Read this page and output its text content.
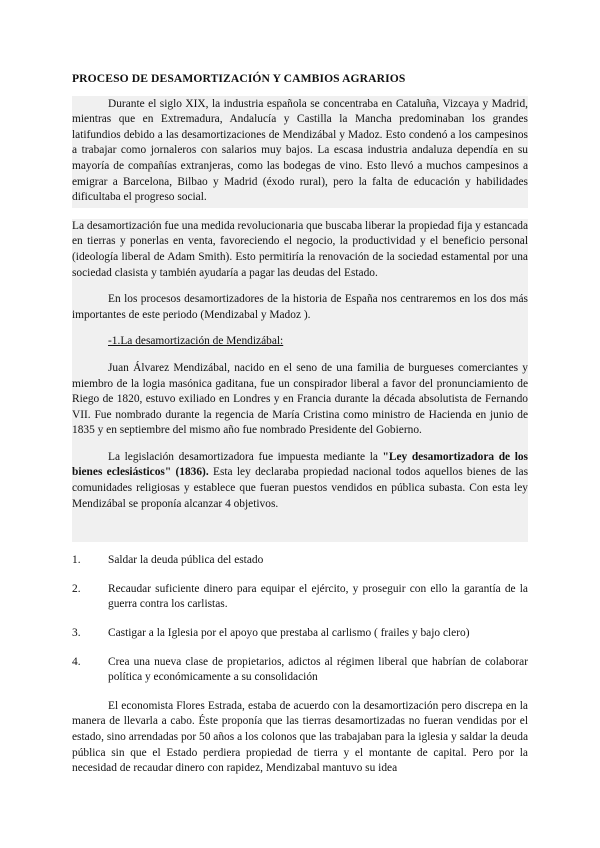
PROCESO DE DESAMORTIZACIÓN Y CAMBIOS AGRARIOS

Durante el siglo XIX, la industria española se concentraba en Cataluña, Vizcaya y Madrid, mientras que en Extremadura, Andalucía y Castilla la Mancha predominaban los grandes latifundios debido a las desamortizaciones de Mendizábal y Madoz. Esto condenó a los campesinos a trabajar como jornaleros con salarios muy bajos. La escasa industria andaluza dependía en su mayoría de compañías extranjeras, como las bodegas de vino. Esto llevó a muchos campesinos a emigrar a Barcelona, Bilbao y Madrid (éxodo rural), pero la falta de educación y habilidades dificultaba el progreso social.

La desamortización fue una medida revolucionaria que buscaba liberar la propiedad fija y estancada en tierras y ponerlas en venta, favoreciendo el negocio, la productividad y el beneficio personal (ideología liberal de Adam Smith). Esto permitiría la renovación de la sociedad estamental por una sociedad clasista y también ayudaría a pagar las deudas del Estado.

En los procesos desamortizadores de la historia de España nos centraremos en los dos más importantes de este periodo (Mendizabal y Madoz ).

-1.La desamortización de Mendizábal:

Juan Álvarez Mendizábal, nacido en el seno de una familia de burgueses comerciantes y miembro de la logia masónica gaditana, fue un conspirador liberal a favor del pronunciamiento de Riego de 1820, estuvo exiliado en Londres y en Francia durante la década absolutista de Fernando VII. Fue nombrado durante la regencia de María Cristina como ministro de Hacienda en junio de 1835 y en septiembre del mismo año fue nombrado Presidente del Gobierno.

La legislación desamortizadora fue impuesta mediante la "Ley desamortizadora de los bienes eclesiásticos" (1836). Esta ley declaraba propiedad nacional todos aquellos bienes de las comunidades religiosas y establece que fueran puestos vendidos en pública subasta. Con esta ley Mendizábal se proponía alcanzar 4 objetivos.

1.	Saldar la deuda pública del estado
2.	Recaudar suficiente dinero para equipar el ejército, y proseguir con ello la garantía de la guerra contra los carlistas.
3.	Castigar a la Iglesia por el apoyo que prestaba al carlismo ( frailes y bajo clero)
4.	Crea una nueva clase de propietarios, adictos al régimen liberal que habrían de colaborar política y económicamente a su consolidación

El economista Flores Estrada, estaba de acuerdo con la desamortización pero discrepa en la manera de llevarla a cabo. Éste proponía que las tierras desamortizadas no fueran vendidas por el estado, sino arrendadas por 50 años a los colonos que las trabajaban para la iglesia y saldar la deuda pública sin que el Estado perdiera propiedad de tierra y el montante de capital. Pero por la necesidad de recaudar dinero con rapidez, Mendizabal mantuvo su idea
